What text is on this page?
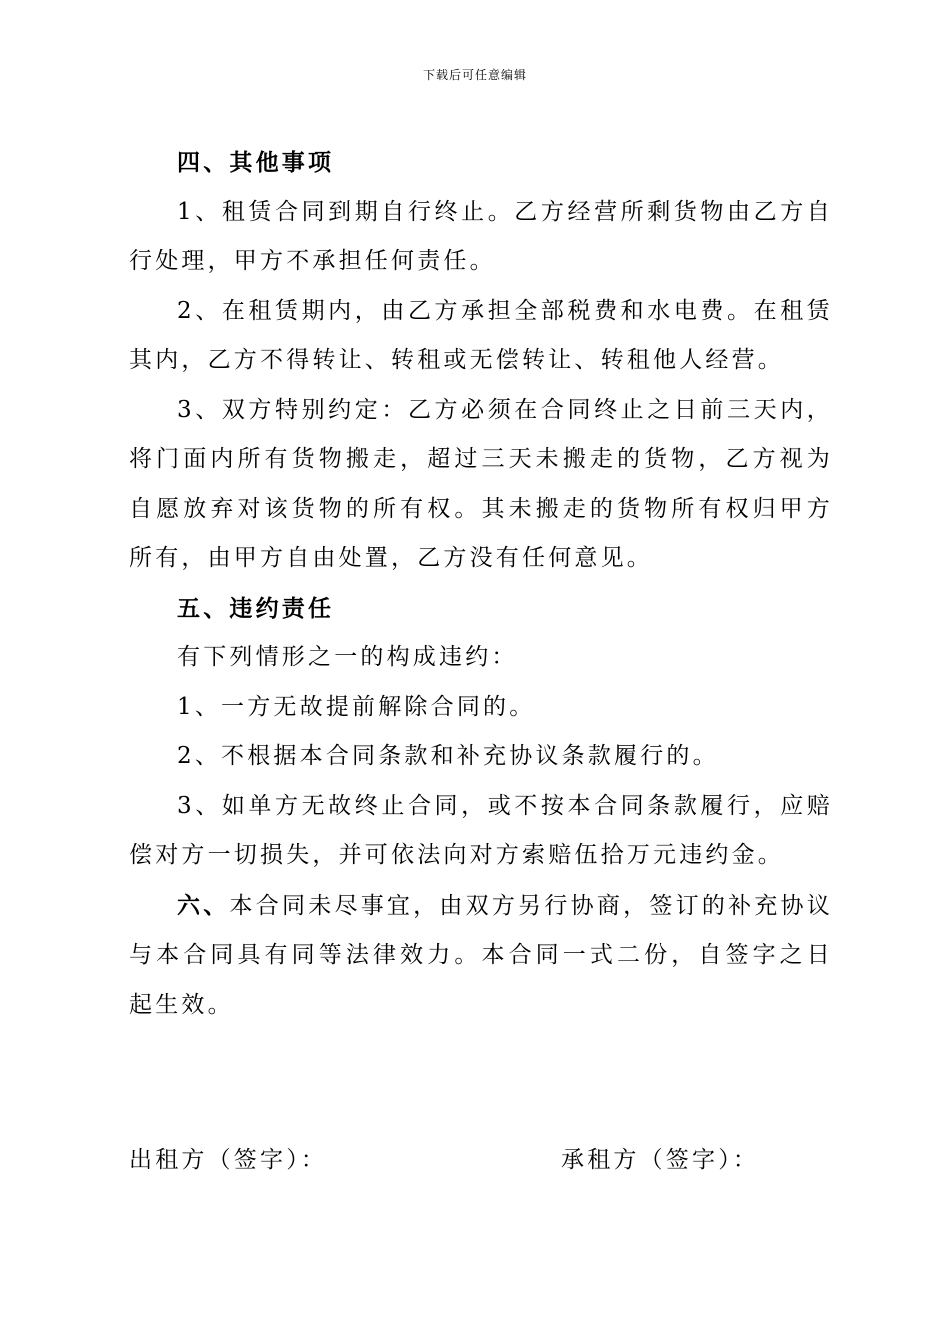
下载后可任意编辑

四、其他事项

1、租赁合同到期自行终止。乙方经营所剩货物由乙方自行处理，甲方不承担任何责任。

2、在租赁期内，由乙方承担全部税费和水电费。在租赁其内，乙方不得转让、转租或无偿转让、转租他人经营。

3、双方特别约定：乙方必须在合同终止之日前三天内，将门面内所有货物搬走，超过三天未搬走的货物，乙方视为自愿放弃对该货物的所有权。其未搬走的货物所有权归甲方所有，由甲方自由处置，乙方没有任何意见。

五、违约责任

有下列情形之一的构成违约：

1、一方无故提前解除合同的。

2、不根据本合同条款和补充协议条款履行的。

3、如单方无故终止合同，或不按本合同条款履行，应赔偿对方一切损失，并可依法向对方索赔伍拾万元违约金。

六、本合同未尽事宜，由双方另行协商，签订的补充协议与本合同具有同等法律效力。本合同一式二份，自签字之日起生效。

出租方（签字）：	承租方（签字）：
